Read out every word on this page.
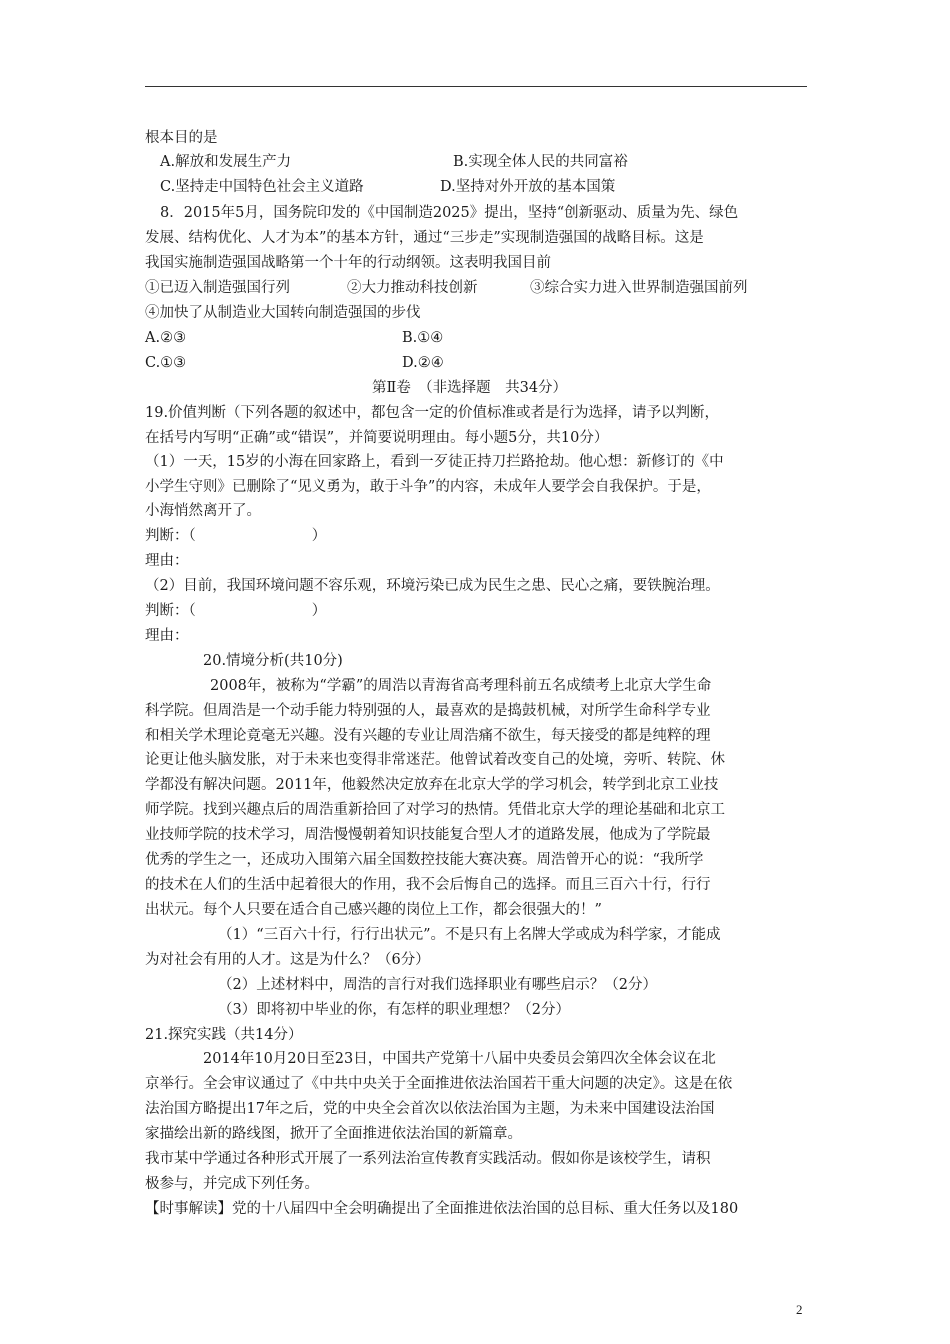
根本目的是
A.解放和发展生产力	B.实现全体人民的共同富裕
C.坚持走中国特色社会主义道路	D.坚持对外开放的基本国策
8．2015年5月，国务院印发的《中国制造2025》提出，坚持“创新驱动、质量为先、绿色
发展、结构优化、人才为本”的基本方针，通过“三步走”实现制造强国的战略目标。这是
我国实施制造强国战略第一个十年的行动纲领。这表明我国目前
①已迈入制造强国行列	②大力推动科技创新	③综合实力进入世界制造强国前列
④加快了从制造业大国转向制造强国的步伐
A.②③	B.①④
C.①③	D.②④
第Ⅱ卷　（非选择题　共34分）
19.价值判断（下列各题的叙述中，都包含一定的价值标准或者是行为选择，请予以判断，
在括号内写明“正确”或“错误”，并简要说明理由。每小题5分，共10分）
（1）一天，15岁的小海在回家路上，看到一歹徒正持刀拦路抢劫。他心想：新修订的《中
小学生守则》已删除了“见义勇为，敢于斗争”的内容，未成年人要学会自我保护。于是，
小海悄然离开了。
判断：（　　　　　　　　）
理由：
（2）目前，我国环境问题不容乐观，环境污染已成为民生之患、民心之痛，要铁腕治理。
判断：（　　　　　　　　）
理由：
20.情境分析(共10分)
2008年，被称为“学霸”的周浩以青海省高考理科前五名成绩考上北京大学生命
科学院。但周浩是一个动手能力特别强的人，最喜欢的是捣鼓机械，对所学生命科学专业
和相关学术理论竟毫无兴趣。没有兴趣的专业让周浩痛不欲生，每天接受的都是纯粹的理
论更让他头脑发胀，对于未来也变得非常迷茫。他曾试着改变自己的处境，旁听、转院、休
学都没有解决问题。2011年，他毅然决定放弃在北京大学的学习机会，转学到北京工业技
师学院。找到兴趣点后的周浩重新拾回了对学习的热情。凭借北京大学的理论基础和北京工
业技师学院的技术学习，周浩慢慢朝着知识技能复合型人才的道路发展，他成为了学院最
优秀的学生之一，还成功入围第六届全国数控技能大赛决赛。周浩曾开心的说：“我所学
的技术在人们的生活中起着很大的作用，我不会后悔自己的选择。而且三百六十行，行行
出状元。每个人只要在适合自己感兴趣的岗位上工作，都会很强大的！”
（1）“三百六十行，行行出状元”。不是只有上名牌大学或成为科学家，才能成
为对社会有用的人才。这是为什么？（6分）
（2）上述材料中，周浩的言行对我们选择职业有哪些启示？（2分）
（3）即将初中毕业的你，有怎样的职业理想？（2分）
21.探究实践（共14分）
2014年10月20日至23日，中国共产党第十八届中央委员会第四次全体会议在北
京举行。全会审议通过了《中共中央关于全面推进依法治国若干重大问题的决定》。这是在依
法治国方略提出17年之后，党的中央全会首次以依法治国为主题，为未来中国建设法治国
家描绘出新的路线图，掀开了全面推进依法治国的新篇章。
我市某中学通过各种形式开展了一系列法治宣传教育实践活动。假如你是该校学生，请积
极参与，并完成下列任务。
【时事解读】党的十八届四中全会明确提出了全面推进依法治国的总目标、重大任务以及180
2
